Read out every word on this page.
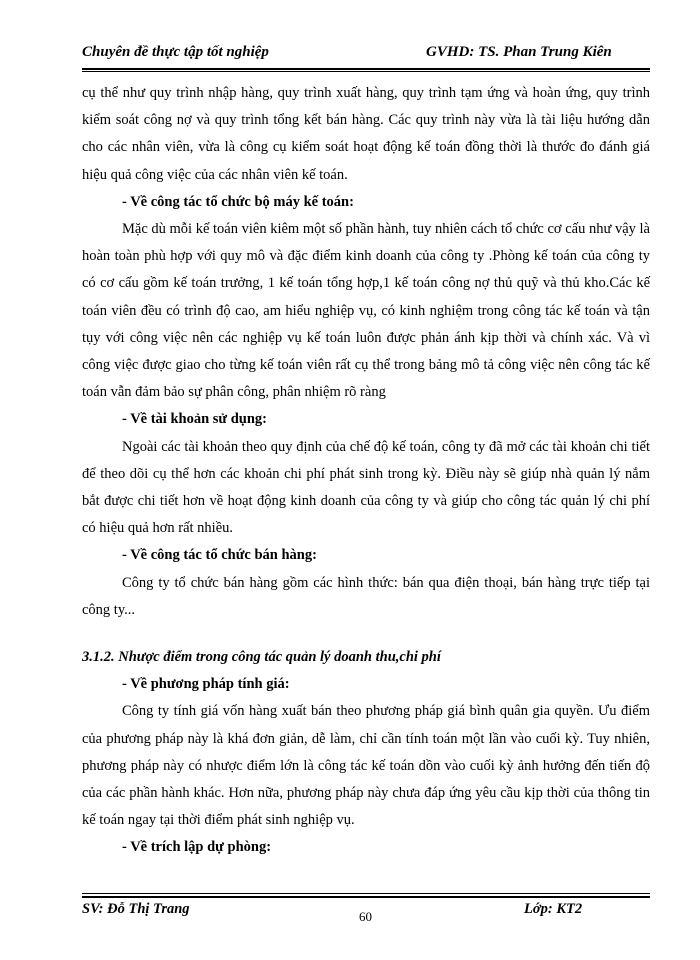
Chuyên đề thực tập tốt nghiệp	GVHD: TS. Phan Trung Kiên

cụ thể như quy trình nhập hàng, quy trình xuất hàng, quy trình tạm ứng và hoàn ứng, quy trình kiểm soát công nợ và quy trình tổng kết bán hàng. Các quy trình này vừa là tài liệu hướng dẫn cho các nhân viên, vừa là công cụ kiểm soát hoạt động kế toán đồng thời là thước đo đánh giá hiệu quả công việc của các nhân viên kế toán.

- Về công tác tổ chức bộ máy kế toán:

Mặc dù mỗi kế toán viên kiêm một số phần hành, tuy nhiên cách tổ chức cơ cấu như vậy là hoàn toàn phù hợp với quy mô và đặc điểm kinh doanh của công ty .Phòng kế toán của công ty có cơ cấu gồm kế toán trưởng, 1 kế toán tổng hợp,1 kế toán công nợ thủ quỹ và thủ kho.Các kế toán viên đều có trình độ cao, am hiểu nghiệp vụ, có kinh nghiệm trong công tác kế toán và tận tụy với công việc nên các nghiệp vụ kế toán luôn được phản ánh kịp thời và chính xác. Và vì công việc được giao cho từng kế toán viên rất cụ thể trong bảng mô tả công việc nên công tác kế toán vẫn đảm bảo sự phân công, phân nhiệm rõ ràng

- Về tài khoản sử dụng:

Ngoài các tài khoản theo quy định của chế độ kế toán, công ty đã mở các tài khoản chi tiết để theo dõi cụ thể hơn các khoản chi phí phát sinh trong kỳ. Điều này sẽ giúp nhà quản lý nắm bắt được chi tiết hơn về hoạt động kinh doanh của công ty và giúp cho công tác quản lý chi phí có hiệu quả hơn rất nhiều.

- Về công tác tổ chức bán hàng:

Công ty tổ chức bán hàng gồm các hình thức: bán qua điện thoại, bán hàng trực tiếp tại công ty...

3.1.2. Nhược điểm trong công tác quản lý doanh thu,chi phí

- Về phương pháp tính giá:

Công ty tính giá vốn hàng xuất bán theo phương pháp giá bình quân gia quyền. Ưu điểm của phương pháp này là khá đơn giản, dễ làm, chỉ cần tính toán một lần vào cuối kỳ. Tuy nhiên, phương pháp này có nhược điểm lớn là công tác kế toán dồn vào cuối kỳ ảnh hưởng đến tiến độ của các phần hành khác. Hơn nữa, phương pháp này chưa đáp ứng yêu cầu kịp thời của thông tin kế toán ngay tại thời điểm phát sinh nghiệp vụ.

- Về trích lập dự phòng:

SV: Đỗ Thị Trang	60	Lớp: KT2
